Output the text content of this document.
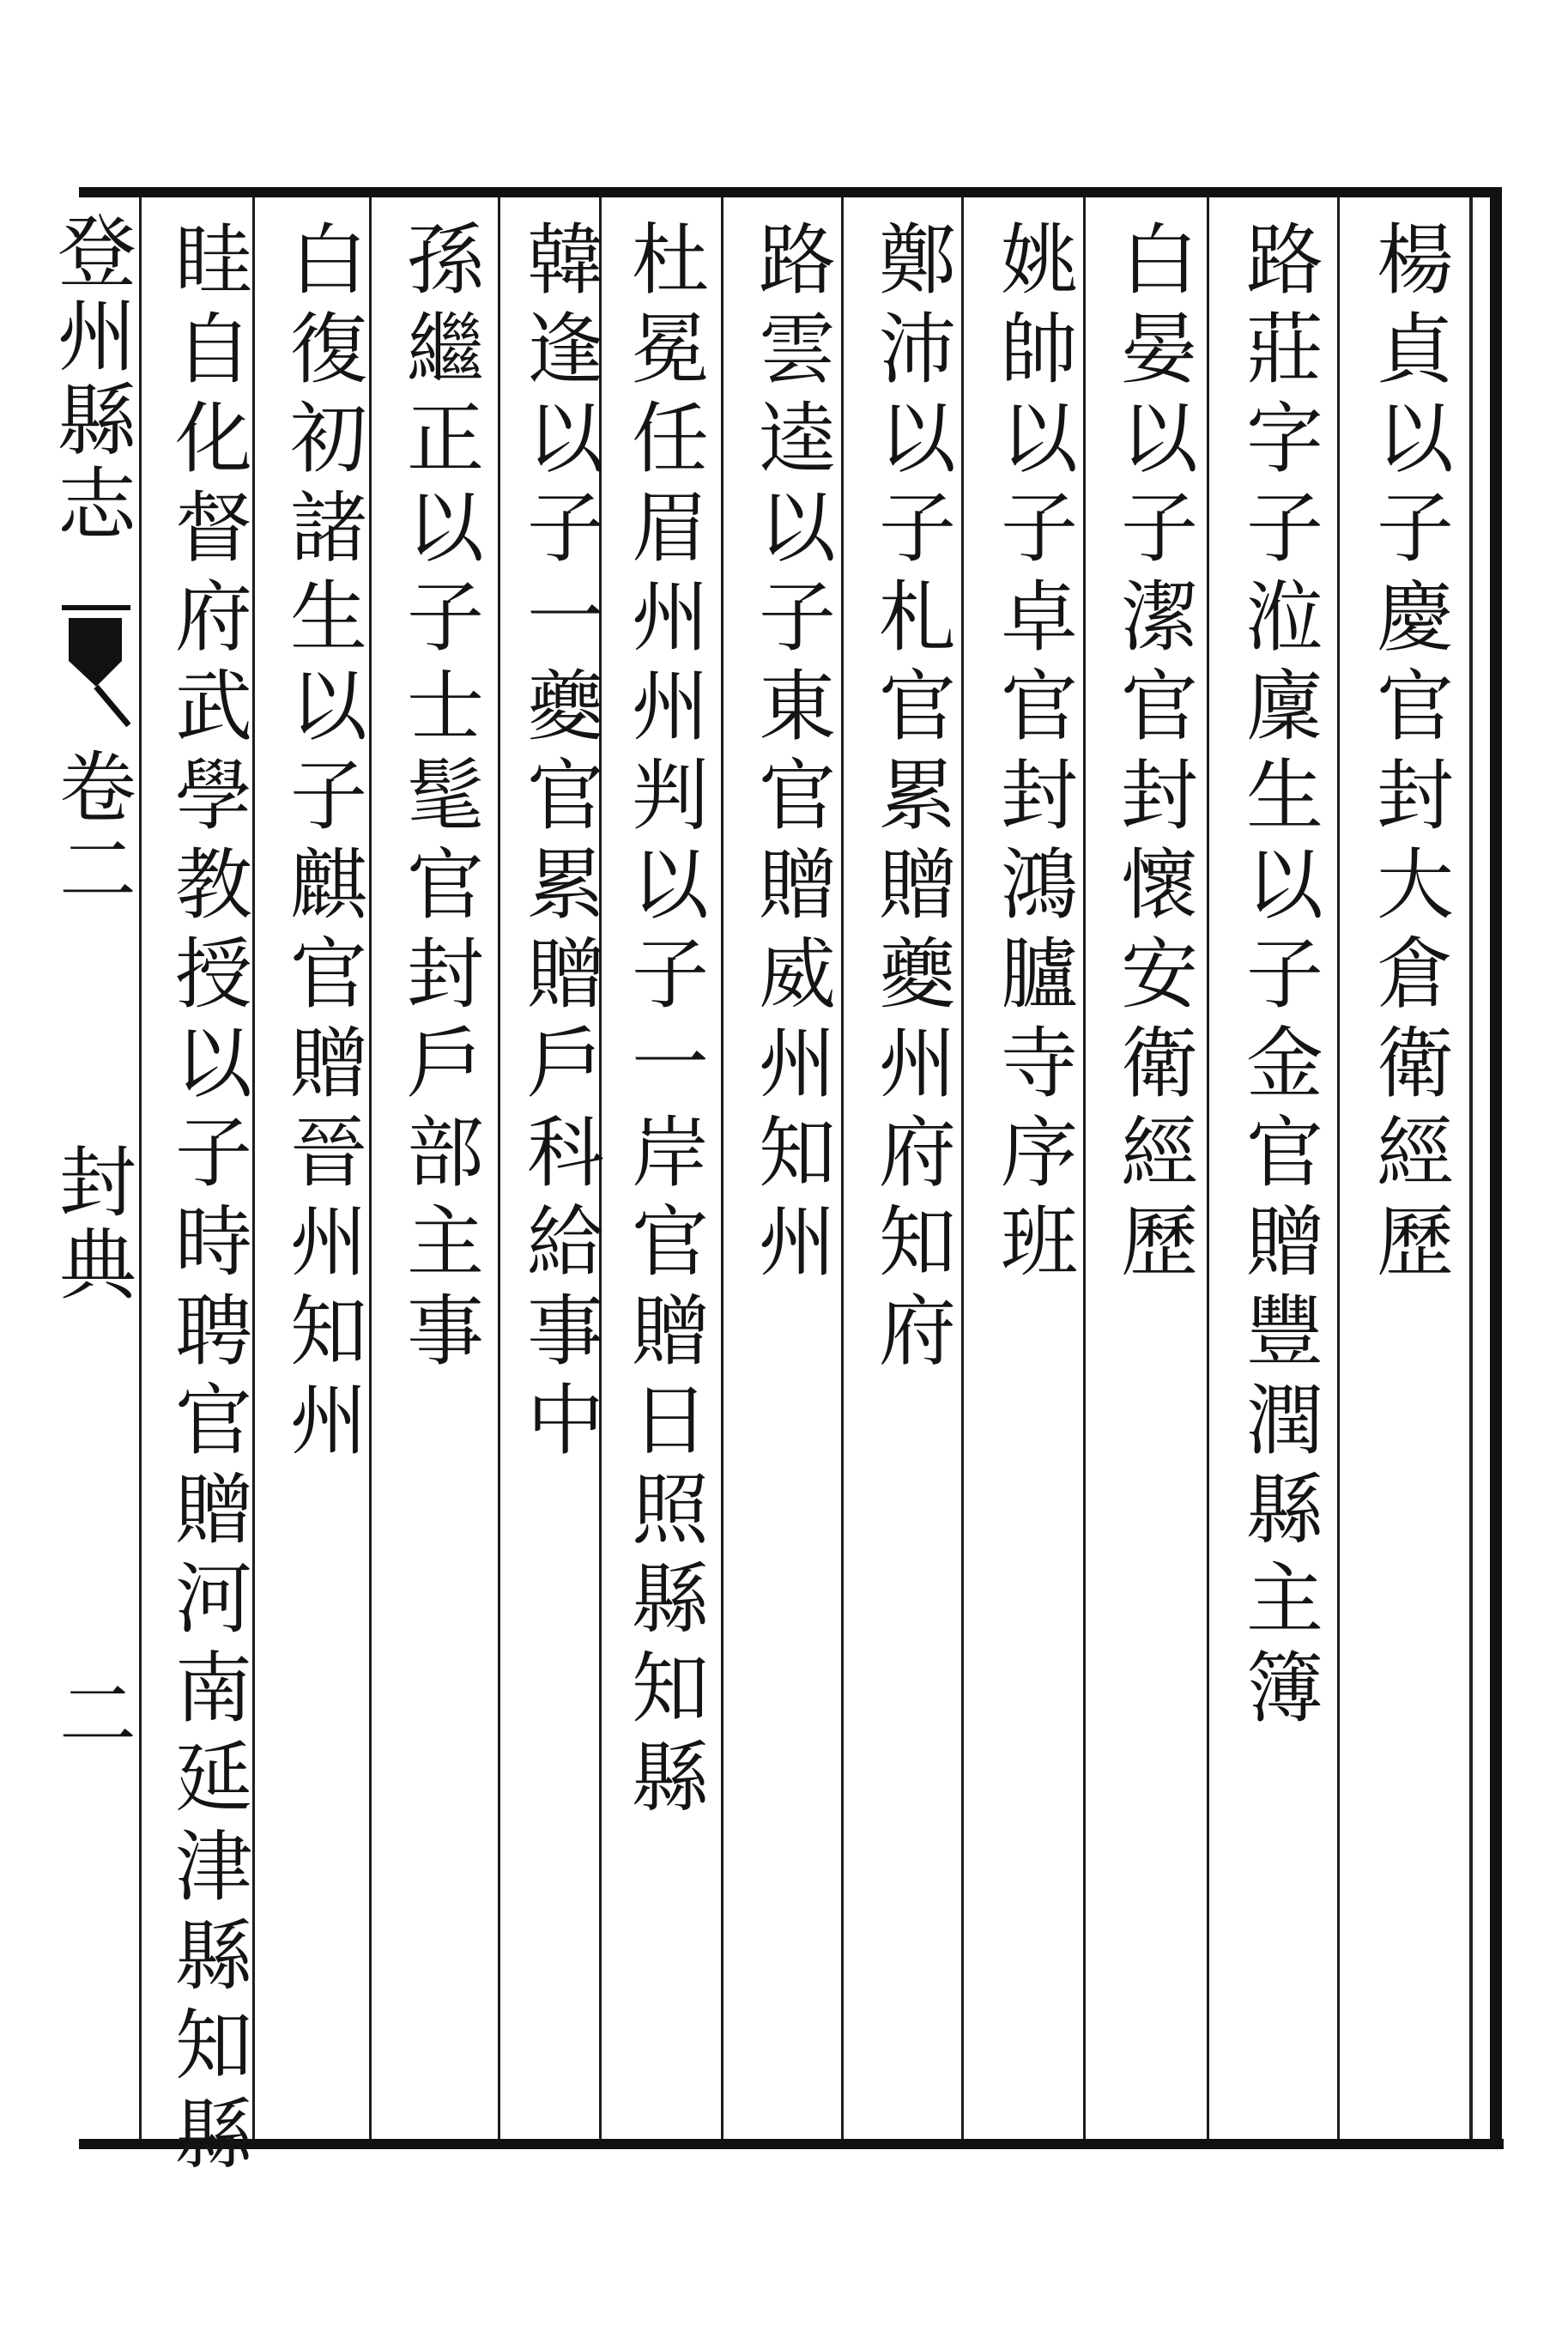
楊貞以子慶官封大倉衛經歷
路莊字子涖廩生以子金官贈豐潤縣主簿
白晏以子潔官封懷安衛經歷
姚帥以子卓官封鴻臚寺序班
鄭沛以子札官累贈夔州府知府
路雲逵以子東官贈威州知州
杜冕任眉州州判以子一岸官贈日照縣知縣
韓逢以子一夔官累贈戶科給事中
孫繼正以子士髦官封戶部主事
白復初諸生以子麒官贈晉州知州
眭自化督府武學教授以子時聘官贈河南延津縣知縣
登州縣志
卷二
封典
二
